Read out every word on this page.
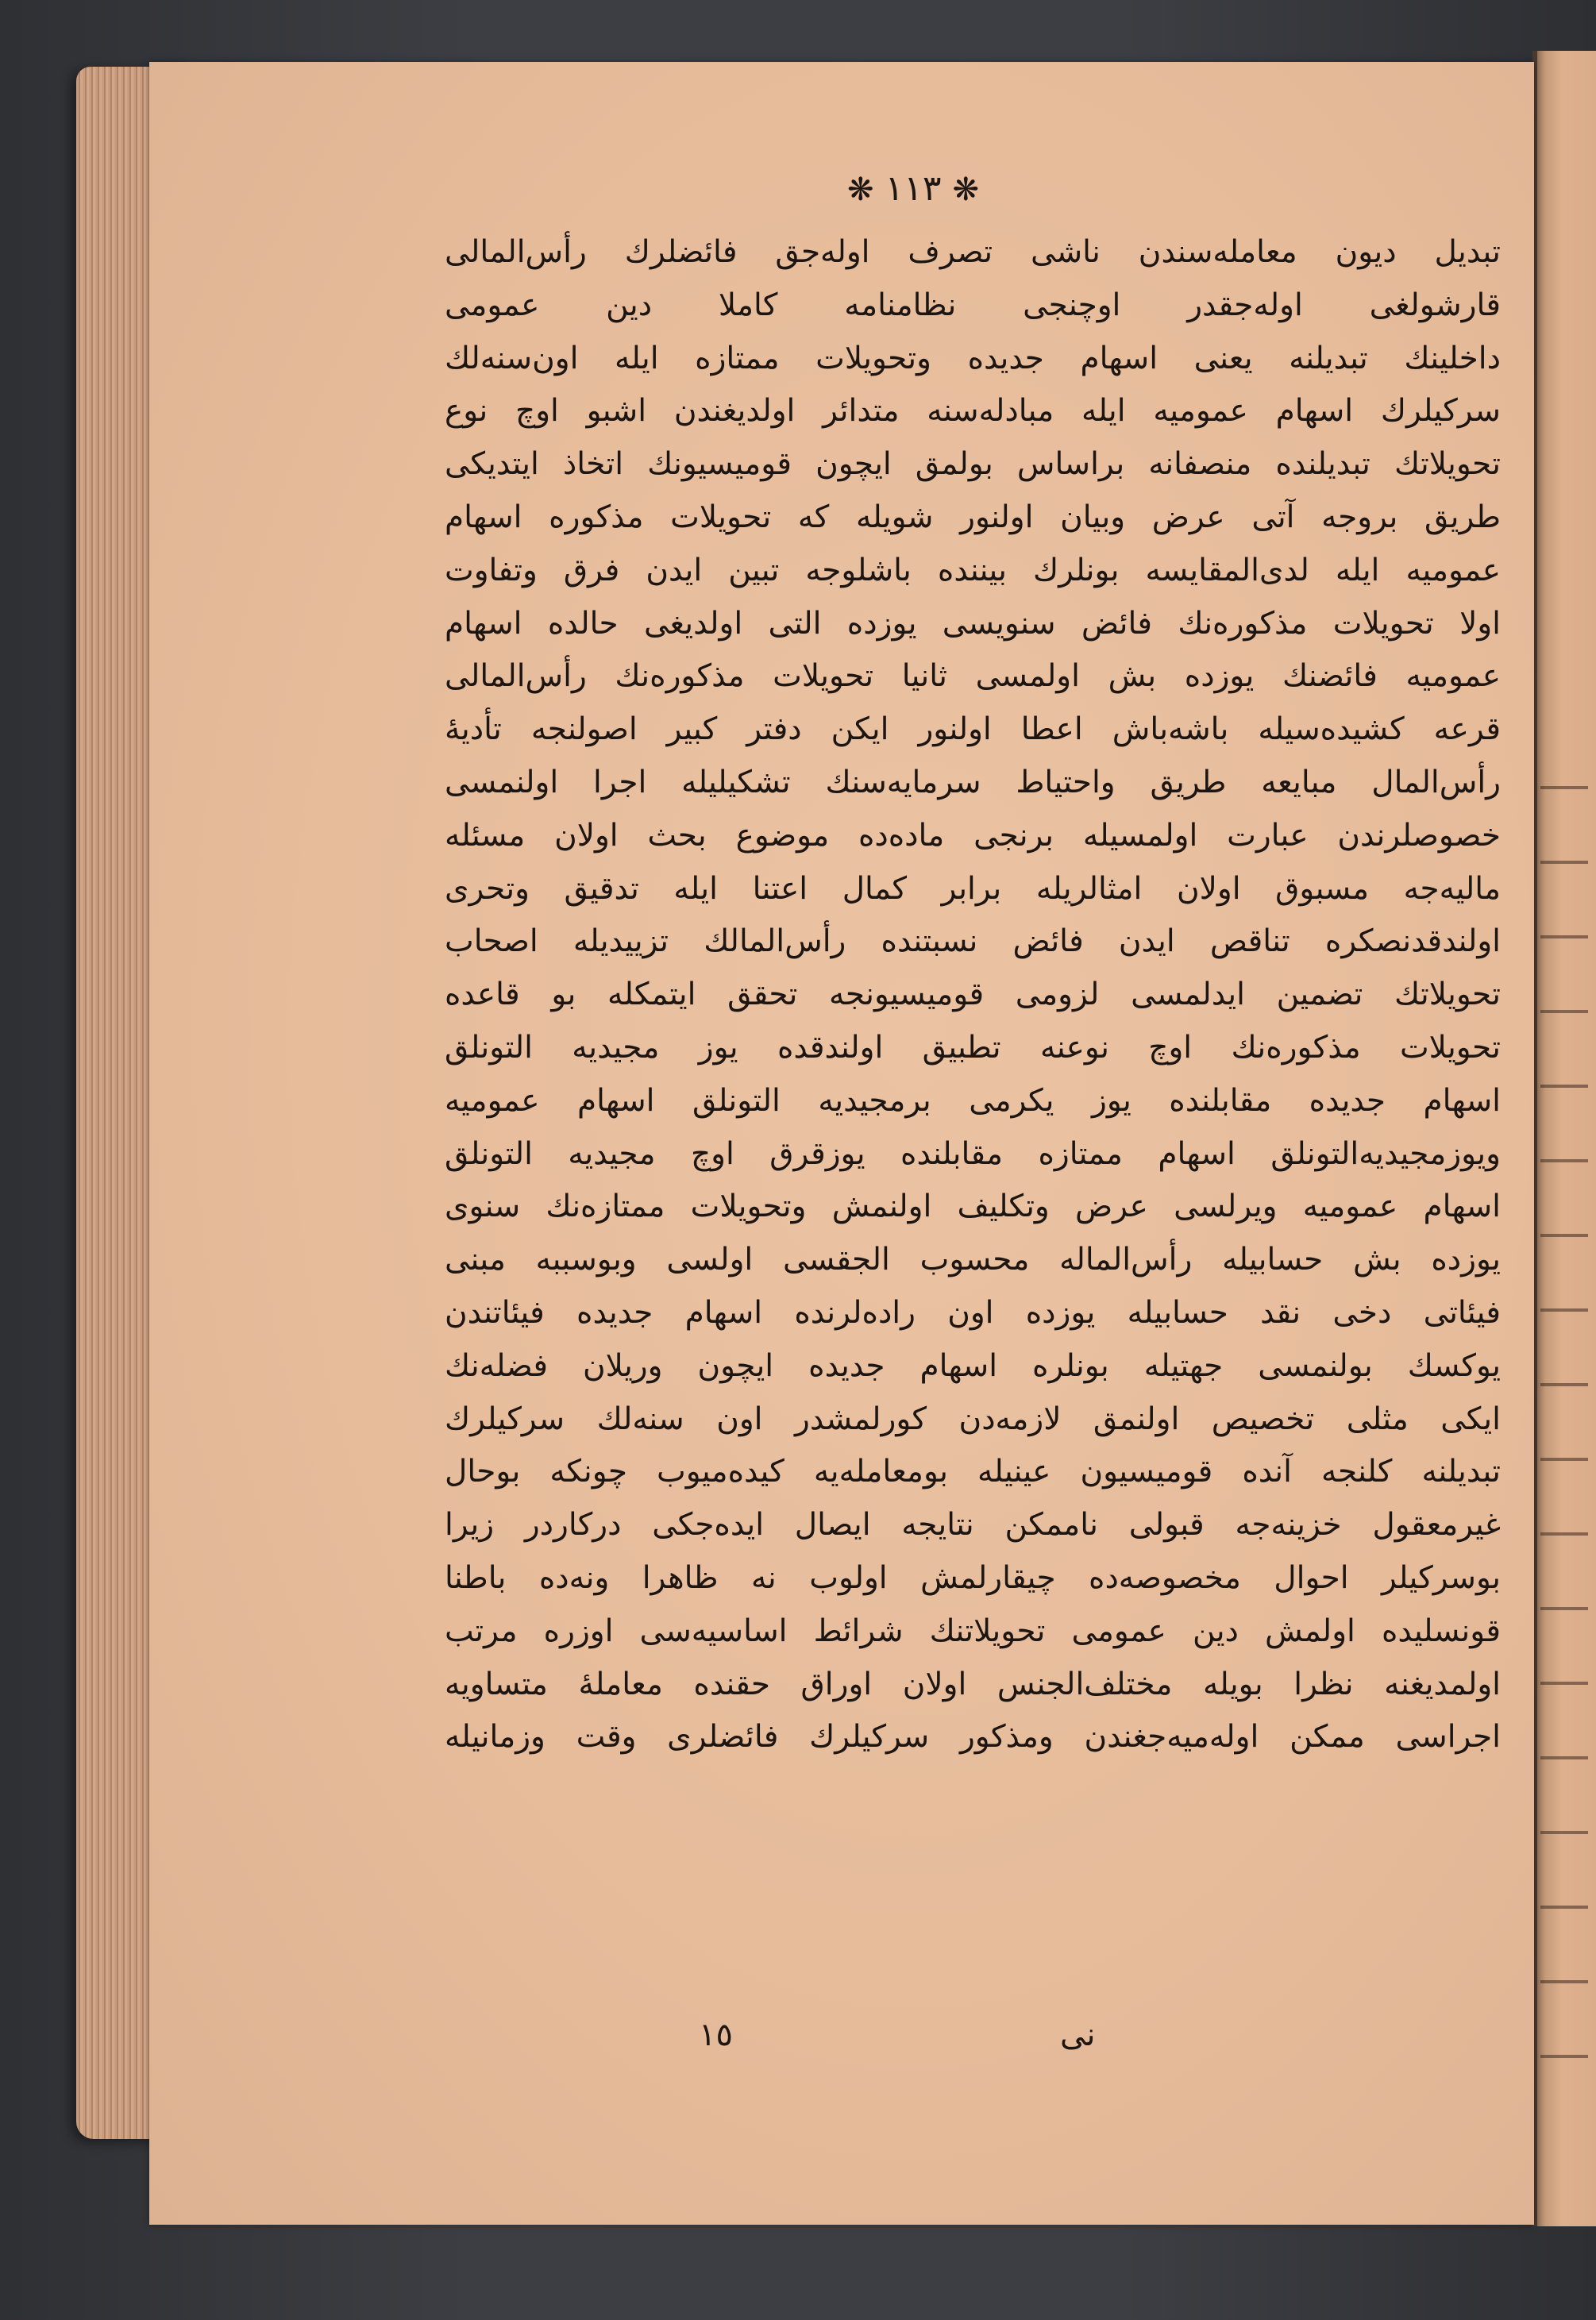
❋ ١١٣ ❋
تبدیل دیون معامله‌سندن ناشی تصرف اوله‌جق فائضلرك رأس‌المالی
قارشولغی اوله‌جقدر اوچنجی نظامنامه كاملا دین عمومی
داخلینك تبدیلنه یعنی اسهام جدیده وتحویلات ممتازه ایله اون‌سنه‌لك
سرکیلرك اسهام عمومیه ایله مبادله‌سنه متدائر اولدیغندن اشبو اوچ نوع
تحویلاتك تبدیلنده منصفانه براساس بولمق ایچون قومیسیونك اتخاذ ایتدیکی
طریق بروجه آتی عرض وبیان اولنور شویله كه تحویلات مذکوره اسهام
عمومیه ایله لدی‌المقایسه بونلرك بیننده باشلوجه تبین ایدن فرق وتفاوت
اولا تحویلات مذکوره‌نك فائض سنویسی یوزده التی اولدیغی حالده اسهام
عمومیه فائضنك یوزده بش اولمسی ثانیا تحویلات مذکوره‌نك رأس‌المالی
قرعه کشیده‌سیله باشه‌باش اعطا اولنور ایکن دفتر کبیر اصولنجه تأدیهٔ
رأس‌المال مبایعه طریق واحتیاط سرمایه‌سنك تشکیلیله اجرا اولنمسی
خصوصلرندن عبارت اولمسیله برنجی ماده‌ده موضوع بحث اولان مسئله
مالیه‌جه مسبوق اولان امثالریله برابر كمال اعتنا ایله تدقیق وتحری
اولندقدنصکره تناقص ایدن فائض نسبتنده رأس‌المالك تزییدیله اصحاب
تحویلاتك تضمین ایدلمسی لزومی قومیسیونجه تحقق ایتمکله بو قاعده
تحویلات مذکوره‌نك اوچ نوعنه تطبیق اولندقده یوز مجیدیه التونلق
اسهام جدیده مقابلنده یوز یکرمی برمجیدیه التونلق اسهام عمومیه
ویوزمجیدیه‌التونلق اسهام ممتازه مقابلنده یوزقرق اوچ مجیدیه التونلق
اسهام عمومیه ویرلسی عرض وتکلیف اولنمش وتحویلات ممتازه‌نك سنوی
یوزده بش حسابیله رأس‌الماله محسوب الجقسی اولسی وبوسببه مبنی
فیئاتی دخی نقد حسابیله یوزده اون راده‌لرنده اسهام جدیده فیئاتندن
یوکسك بولنمسی جهتیله بونلره اسهام جدیده ایچون وریلان فضله‌نك
ایکی مثلی تخصیص اولنمق لازمه‌دن کورلمشدر اون سنه‌لك سرکیلرك
تبدیلنه کلنجه آنده قومیسیون عینیله بومعامله‌یه کیده‌میوب چونکه بوحال
غیرمعقول خزینه‌جه قبولی ناممکن نتایجه ایصال ایده‌جکی درکاردر زیرا
بوسرکیلر احوال مخصوصه‌ده چیقارلمش اولوب نه ظاهرا ونه‌ده باطنا
قونسلیده اولمش دین عمومی تحویلاتنك شرائط اساسیه‌سی اوزره مرتب
اولمدیغنه نظرا بویله مختلف‌الجنس اولان اوراق حقنده معاملهٔ متساویه
اجراسی ممکن اوله‌میه‌جغندن ومذکور سرکیلرك فائضلری وقت وزمانیله
١٥	نی
